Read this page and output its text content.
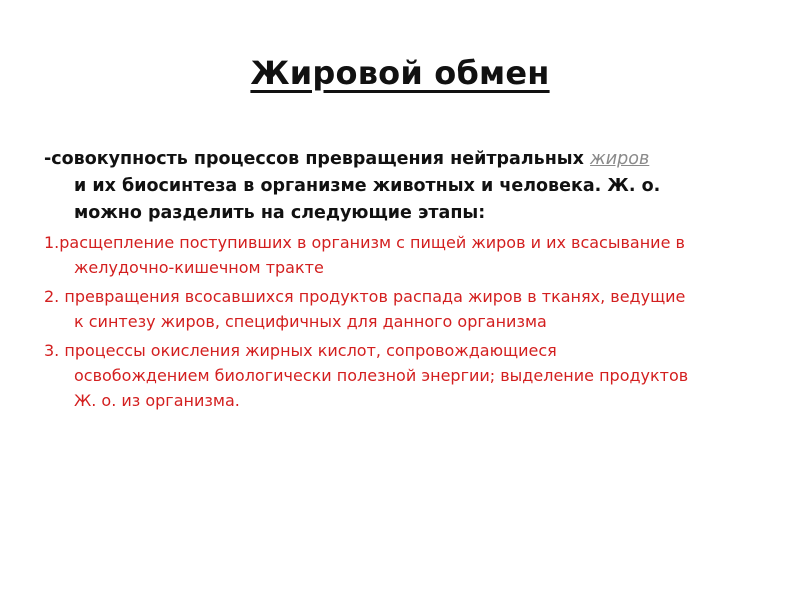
Жировой обмен
-совокупность процессов превращения нейтральных жиров
и их биосинтеза в организме животных и человека. Ж. о.
можно разделить на следующие этапы:
1.расщепление поступивших в организм с пищей жиров и их всасывание в
желудочно-кишечном тракте
2. превращения всосавшихся продуктов распада жиров в тканях, ведущие
к синтезу жиров, специфичных для данного организма
3. процессы окисления жирных кислот, сопровождающиеся
освобождением биологически полезной энергии; выделение продуктов
Ж. о. из организма.
